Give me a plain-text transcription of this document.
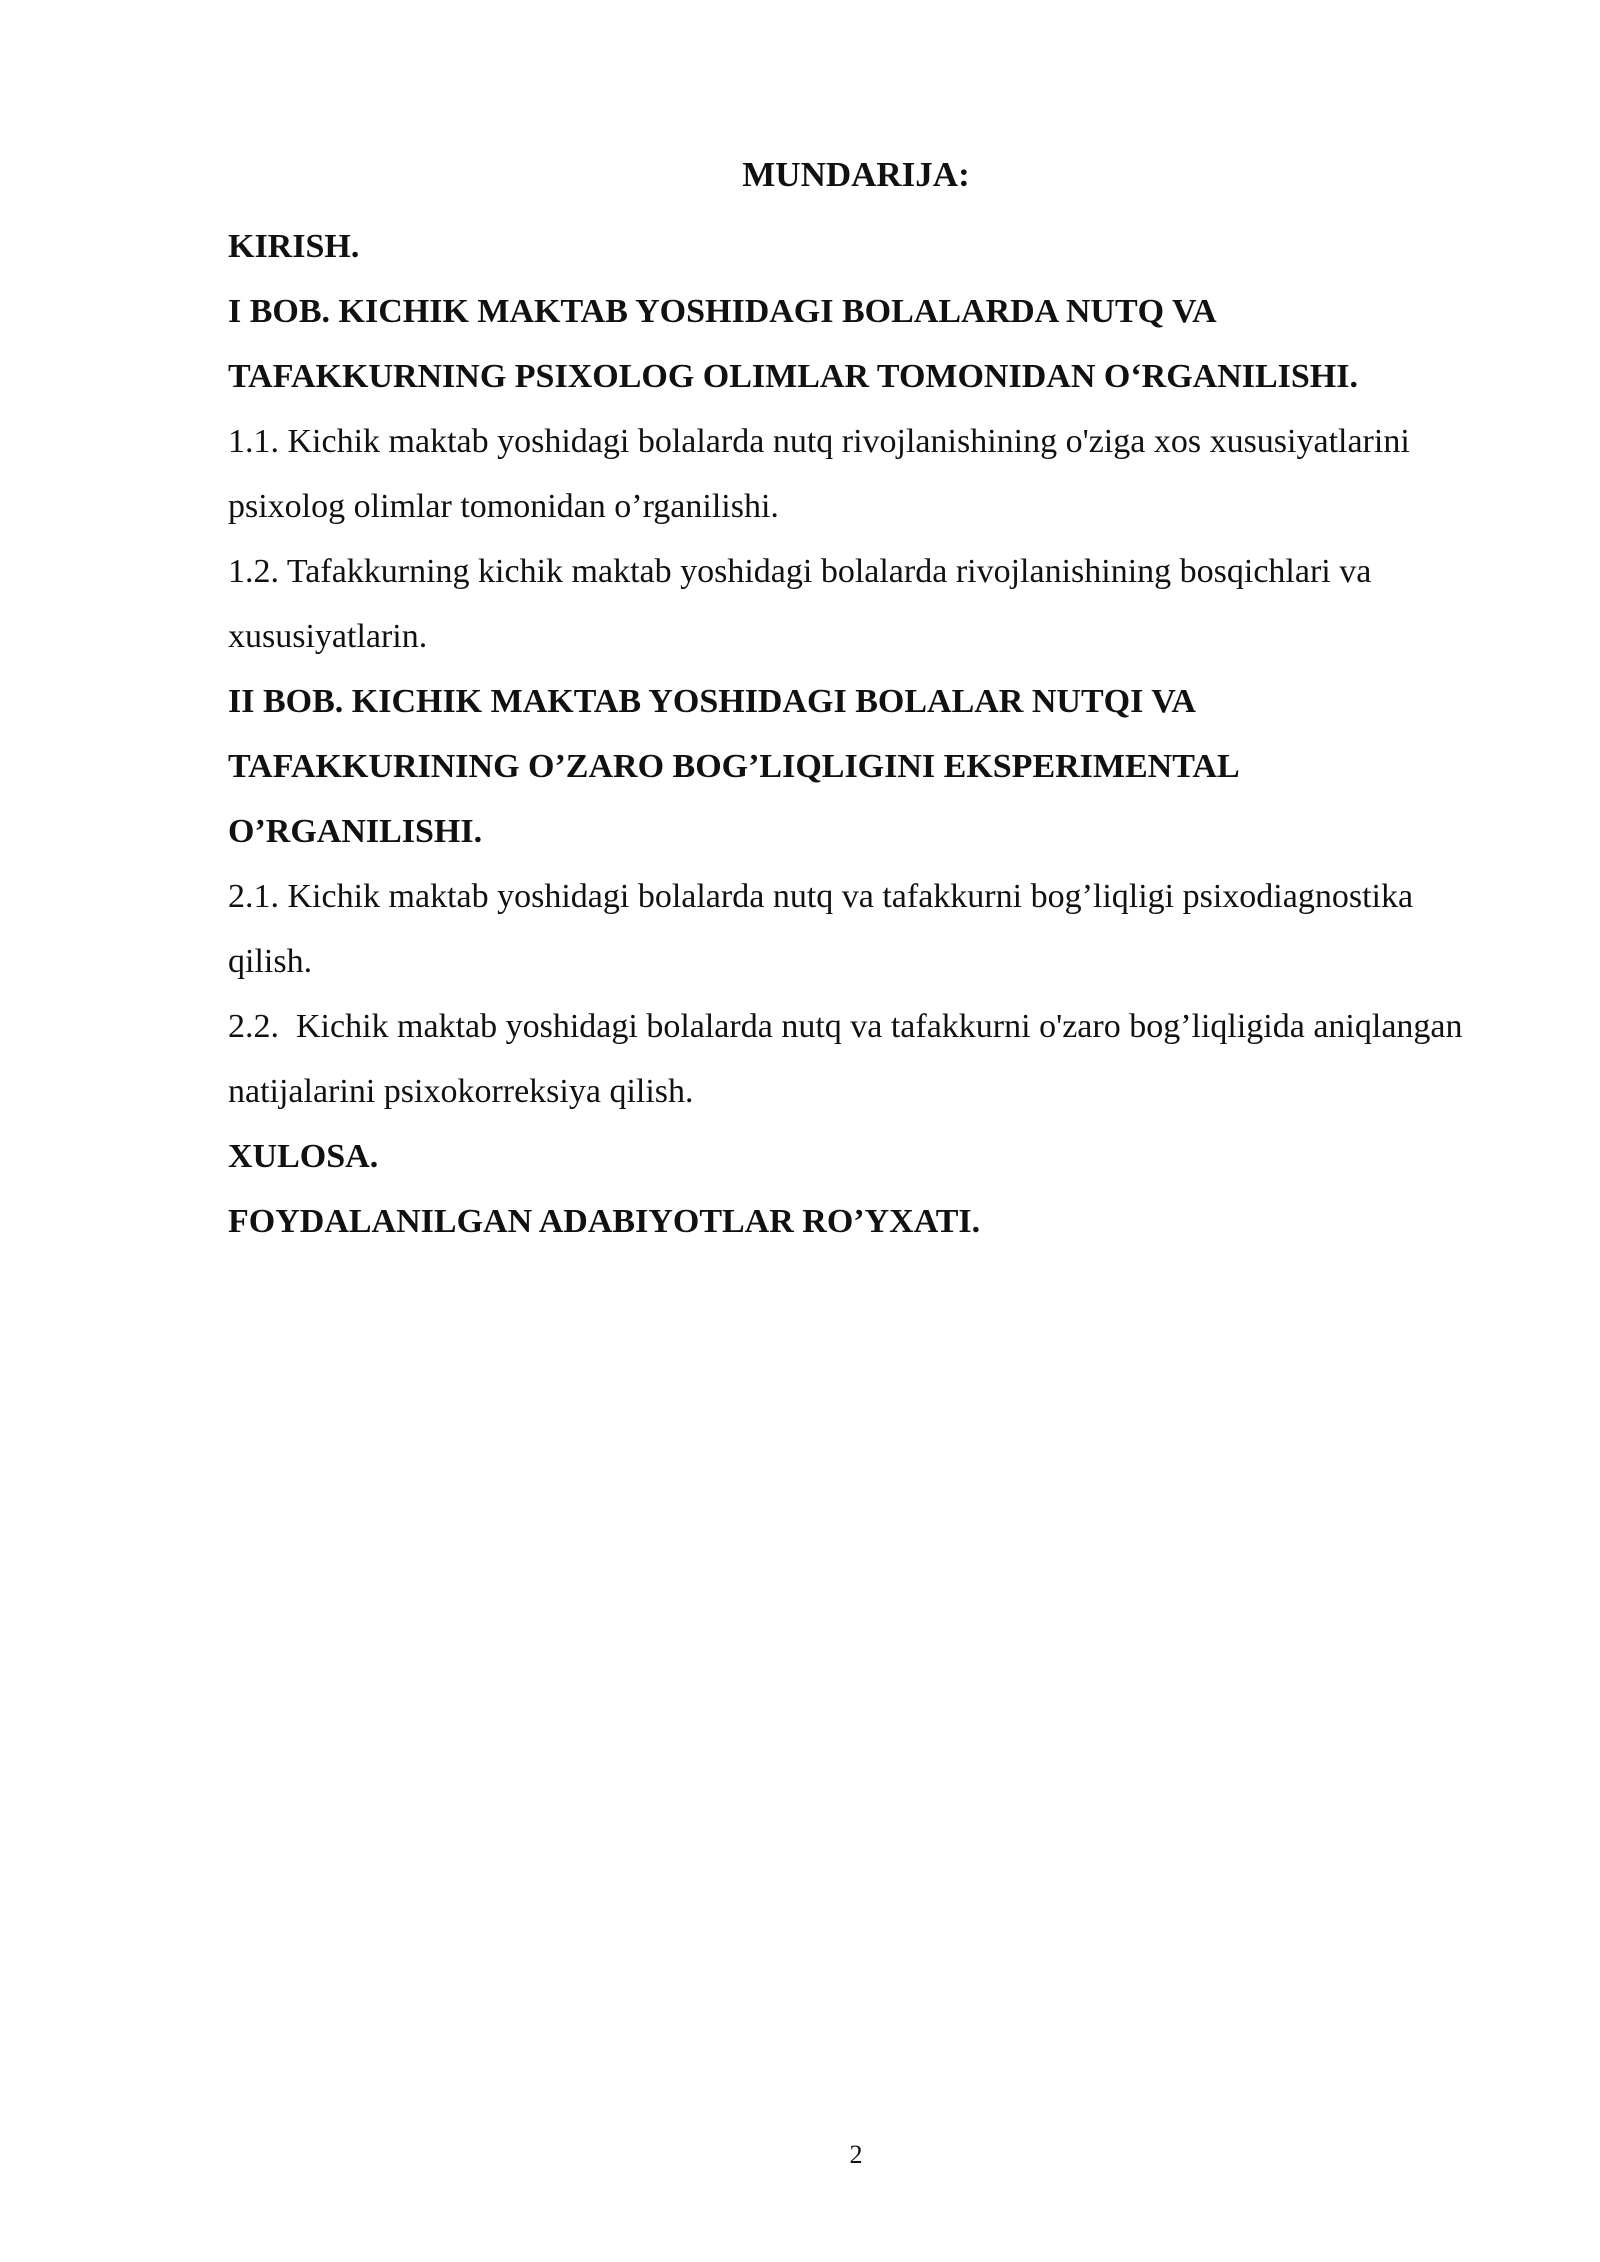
MUNDARIJA:

KIRISH.

I BOB. KICHIK MAKTAB YOSHIDAGI BOLALARDA NUTQ VA TAFAKKURNING PSIXOLOG OLIMLAR TOMONIDAN O‘RGANILISHI.

1.1. Kichik maktab yoshidagi bolalarda nutq rivojlanishining o'ziga xos xususiyatlarini psixolog olimlar tomonidan o’rganilishi.

1.2. Tafakkurning kichik maktab yoshidagi bolalarda rivojlanishining bosqichlari va xususiyatlarin.

II BOB. KICHIK MAKTAB YOSHIDAGI BOLALAR NUTQI VA TAFAKKURINING O’ZARO BOG’LIQLIGINI EKSPERIMENTAL O’RGANILISHI.

2.1. Kichik maktab yoshidagi bolalarda nutq va tafakkurni bog’liqligi psixodiagnostika qilish.

2.2.  Kichik maktab yoshidagi bolalarda nutq va tafakkurni o'zaro bog’liqligida aniqlangan natijalarini psixokorreksiya qilish.

XULOSA.

FOYDALANILGAN ADABIYOTLAR RO’YXATI.

2
